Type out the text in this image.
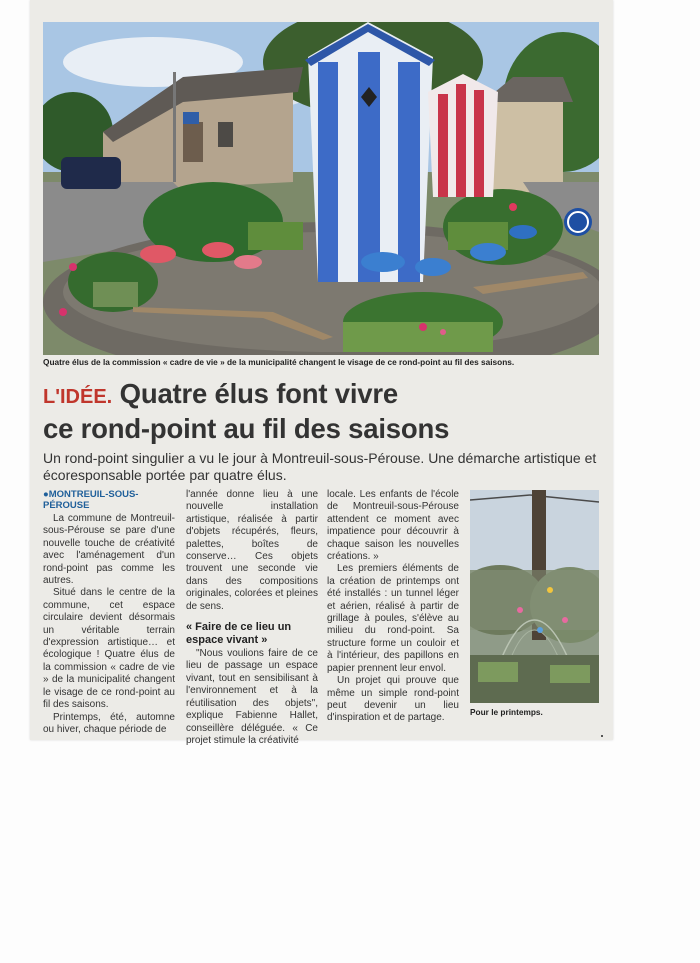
Quatre élus de la commission « cadre de vie » de la municipalité changent le visage de ce rond-point au fil des saisons.
L'IDÉE. Quatre élus font vivre
ce rond-point au fil des saisons
Un rond-point singulier a vu le jour à Montreuil-sous-Pérouse. Une démarche artistique et écoresponsable portée par quatre élus.

●MONTREUIL-SOUS-PÉROUSE

La commune de Montreuil-sous-Pérouse se pare d'une nouvelle touche de créativité avec l'aménagement d'un rond-point pas comme les autres.

Situé dans le centre de la commune, cet espace circulaire devient désormais un véritable terrain d'expression artistique… et écologique ! Quatre élus de la commission « cadre de vie » de la municipalité changent le visage de ce rond-point au fil des saisons.

Printemps, été, automne ou hiver, chaque période de

l'année donne lieu à une nouvelle installation artistique, réalisée à partir d'objets récupérés, fleurs, palettes, boîtes de conserve… Ces objets trouvent une seconde vie dans des compositions originales, colorées et pleines de sens.

« Faire de ce lieu un espace vivant »

"Nous voulions faire de ce lieu de passage un espace vivant, tout en sensibilisant à l'environnement et à la réutilisation des objets", explique Fabienne Hallet, conseillère déléguée. « Ce projet stimule la créativité

locale. Les enfants de l'école de Montreuil-sous-Pérouse attendent ce moment avec impatience pour découvrir à chaque saison les nouvelles créations. »

Les premiers éléments de la création de printemps ont été installés : un tunnel léger et aérien, réalisé à partir de grillage à poules, s'élève au milieu du rond-point. Sa structure forme un couloir et à l'intérieur, des papillons en papier prennent leur envol.

Un projet qui prouve que même un simple rond-point peut devenir un lieu d'inspiration et de partage.

Pour le printemps.
